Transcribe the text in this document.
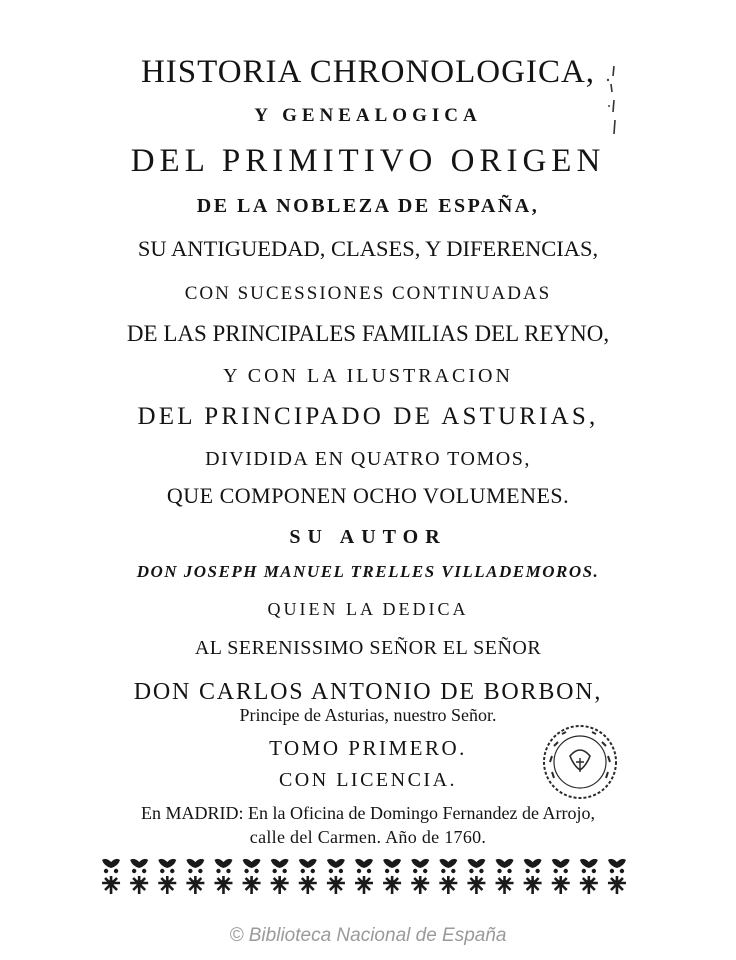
HISTORIA CHRONOLOGICA,
Y GENEALOGICA
DEL PRIMITIVO ORIGEN
DE LA NOBLEZA DE ESPAÑA,
SU ANTIGUEDAD, CLASES, Y DIFERENCIAS,
CON SUCESSIONES CONTINUADAS
DE LAS PRINCIPALES FAMILIAS DEL REYNO,
Y CON LA ILUSTRACION
DEL PRINCIPADO DE ASTURIAS,
DIVIDIDA EN QUATRO TOMOS,
QUE COMPONEN OCHO VOLUMENES.
SU AUTOR
DON JOSEPH MANUEL TRELLES VILLADEMOROS.
QUIEN LA DEDICA
AL SERENISSIMO SEÑOR EL SEÑOR
DON CARLOS ANTONIO DE BORBON,
Principe de Asturias, nuestro Señor.
TOMO PRIMERO.
CON LICENCIA.
En MADRID: En la Oficina de Domingo Fernandez de Arrojo,
calle del Carmen. Año de 1760.
© Biblioteca Nacional de España
